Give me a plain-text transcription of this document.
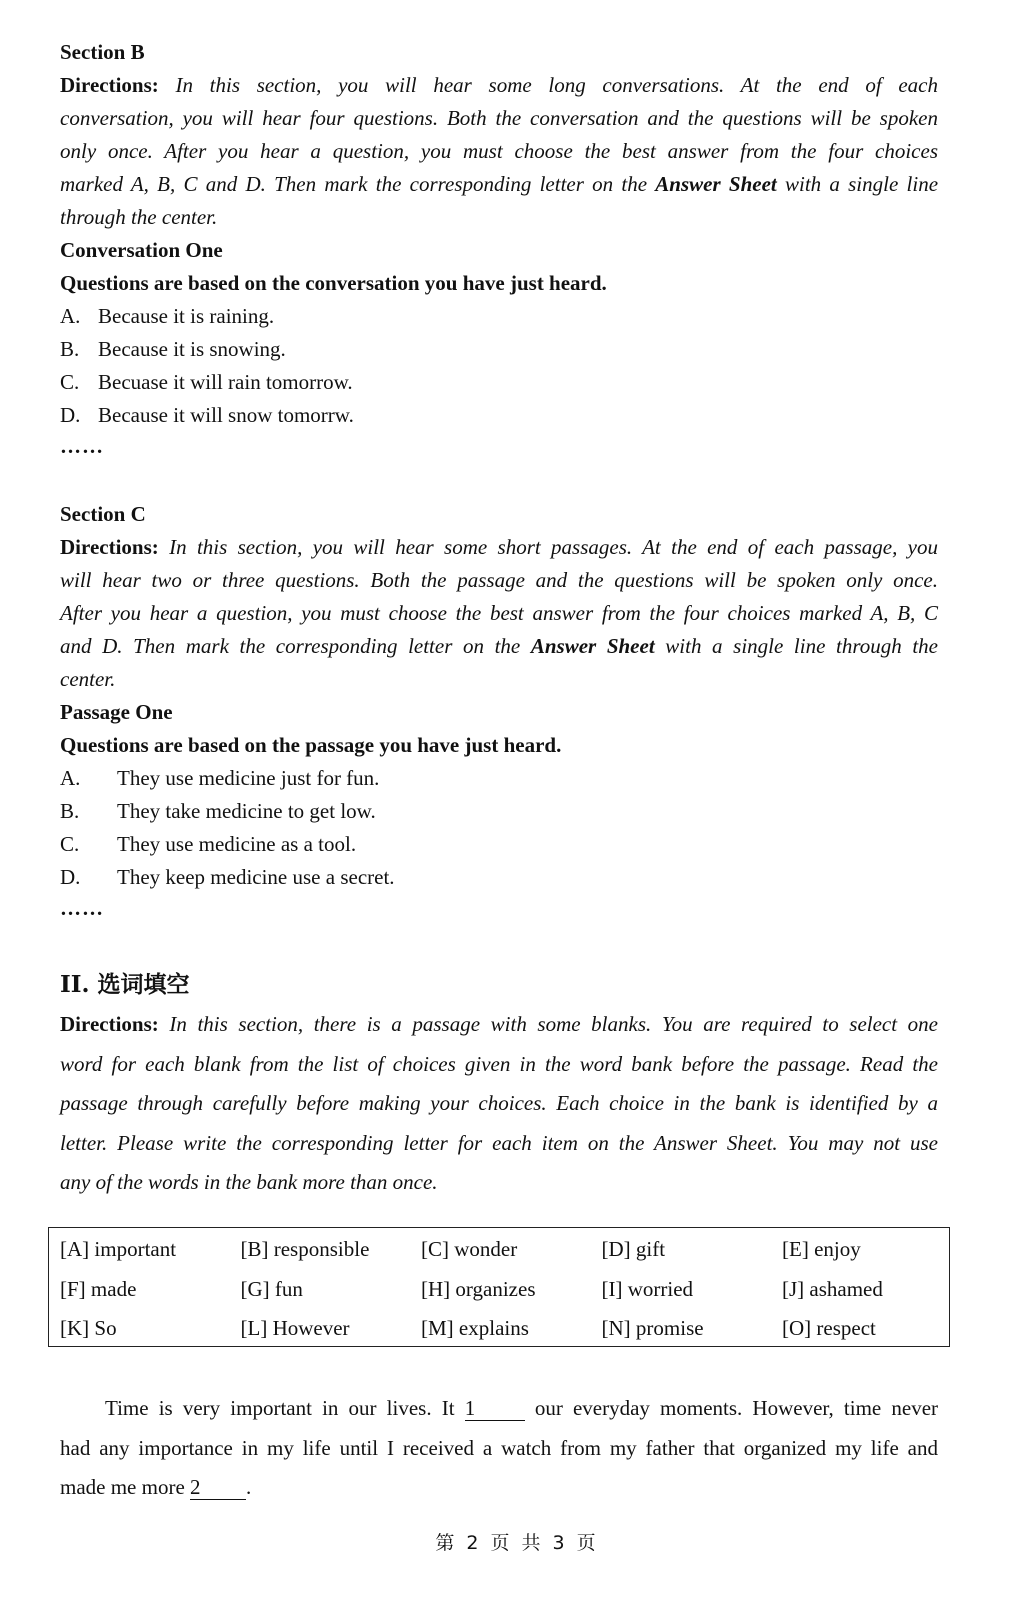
Section B
Directions: In this section, you will hear some long conversations. At the end of each
conversation, you will hear four questions. Both the conversation and the questions will be spoken
only once. After you hear a question, you must choose the best answer from the four choices
marked A, B, C and D. Then mark the corresponding letter on the Answer Sheet with a single line
through the center.
Conversation One
Questions are based on the conversation you have just heard.
A. Because it is raining.
B. Because it is snowing.
C. Becuase it will rain tomorrow.
D. Because it will snow tomorrw.
……
Section C
Directions: In this section, you will hear some short passages. At the end of each passage, you
will hear two or three questions. Both the passage and the questions will be spoken only once.
After you hear a question, you must choose the best answer from the four choices marked A, B, C
and D. Then mark the corresponding letter on the Answer Sheet with a single line through the
center.
Passage One
Questions are based on the passage you have just heard.
A.	They use medicine just for fun.
B.	They take medicine to get low.
C.	They use medicine as a tool.
D.	They keep medicine use a secret.
……
II. 选词填空
Directions: In this section, there is a passage with some blanks. You are required to select one
word for each blank from the list of choices given in the word bank before the passage. Read the
passage through carefully before making your choices. Each choice in the bank is identified by a
letter. Please write the corresponding letter for each item on the Answer Sheet. You may not use
any of the words in the bank more than once.
[A] important	[B] responsible	[C] wonder	[D] gift	[E] enjoy
[F] made	[G] fun	[H] organizes	[I] worried	[J] ashamed
[K] So	[L] However	[M] explains	[N] promise	[O] respect
Time is very important in our lives. It 1	our everyday moments. However, time never
had any importance in my life until I received a watch from my father that organized my life and
made me more 2 .
第 2 页 共 3 页
